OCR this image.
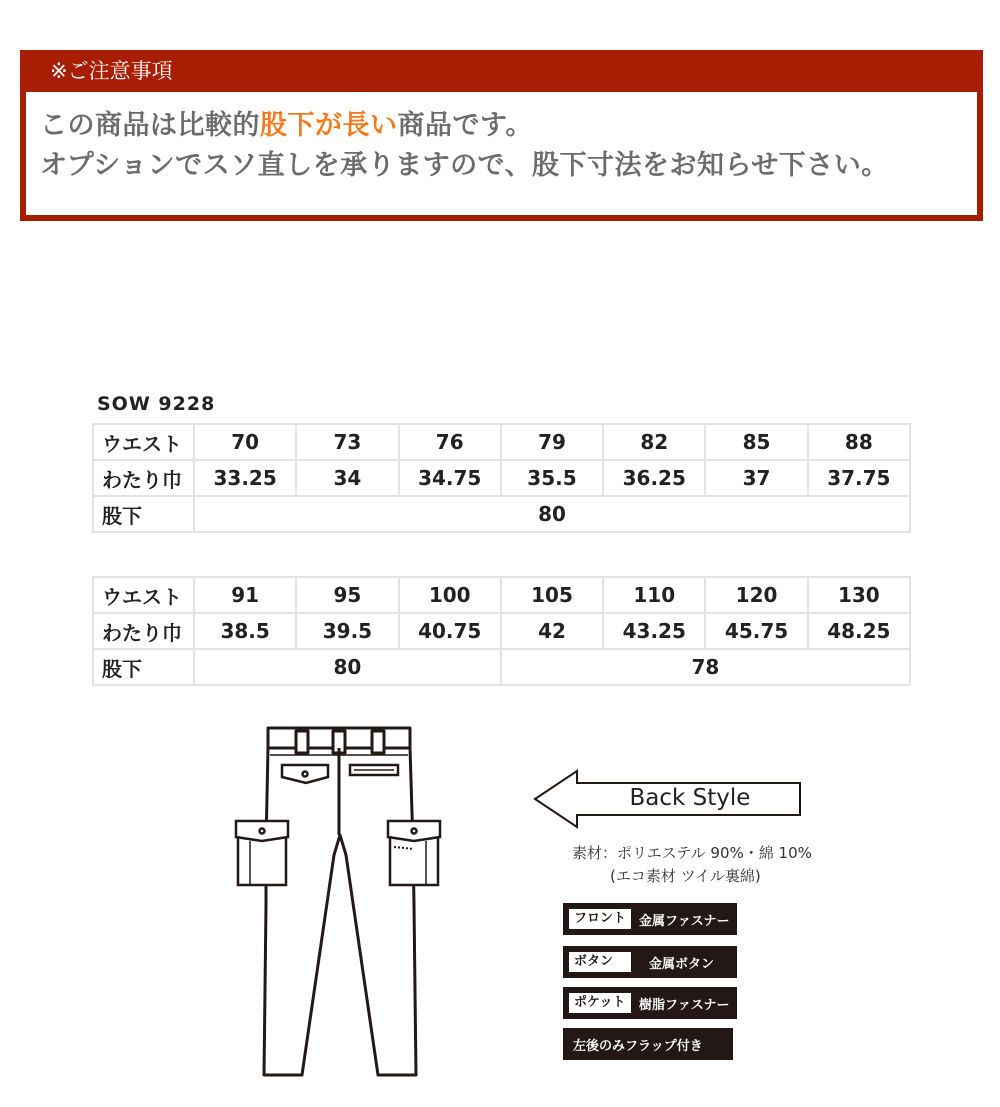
※ご注意事項
この商品は比較的股下が長い商品です。
オプションでスソ直しを承りますので、股下寸法をお知らせ下さい。
SOW 9228
ウエスト	70	73	76	79	82	85	88
わたり巾	33.25	34	34.75	35.5	36.25	37	37.75
股下	80						
ウエスト	91	95	100	105	110	120	130
わたり巾	38.5	39.5	40.75	42	43.25	45.75	48.25
股下	80			78			
Back Style
素材：ポリエステル 90%・綿 10%
(エコ素材 ツイル裏綿)
フロント 金属ファスナー
ボタン	金属ボタン
ポケット	樹脂ファスナー
左後のみフラップ付き
